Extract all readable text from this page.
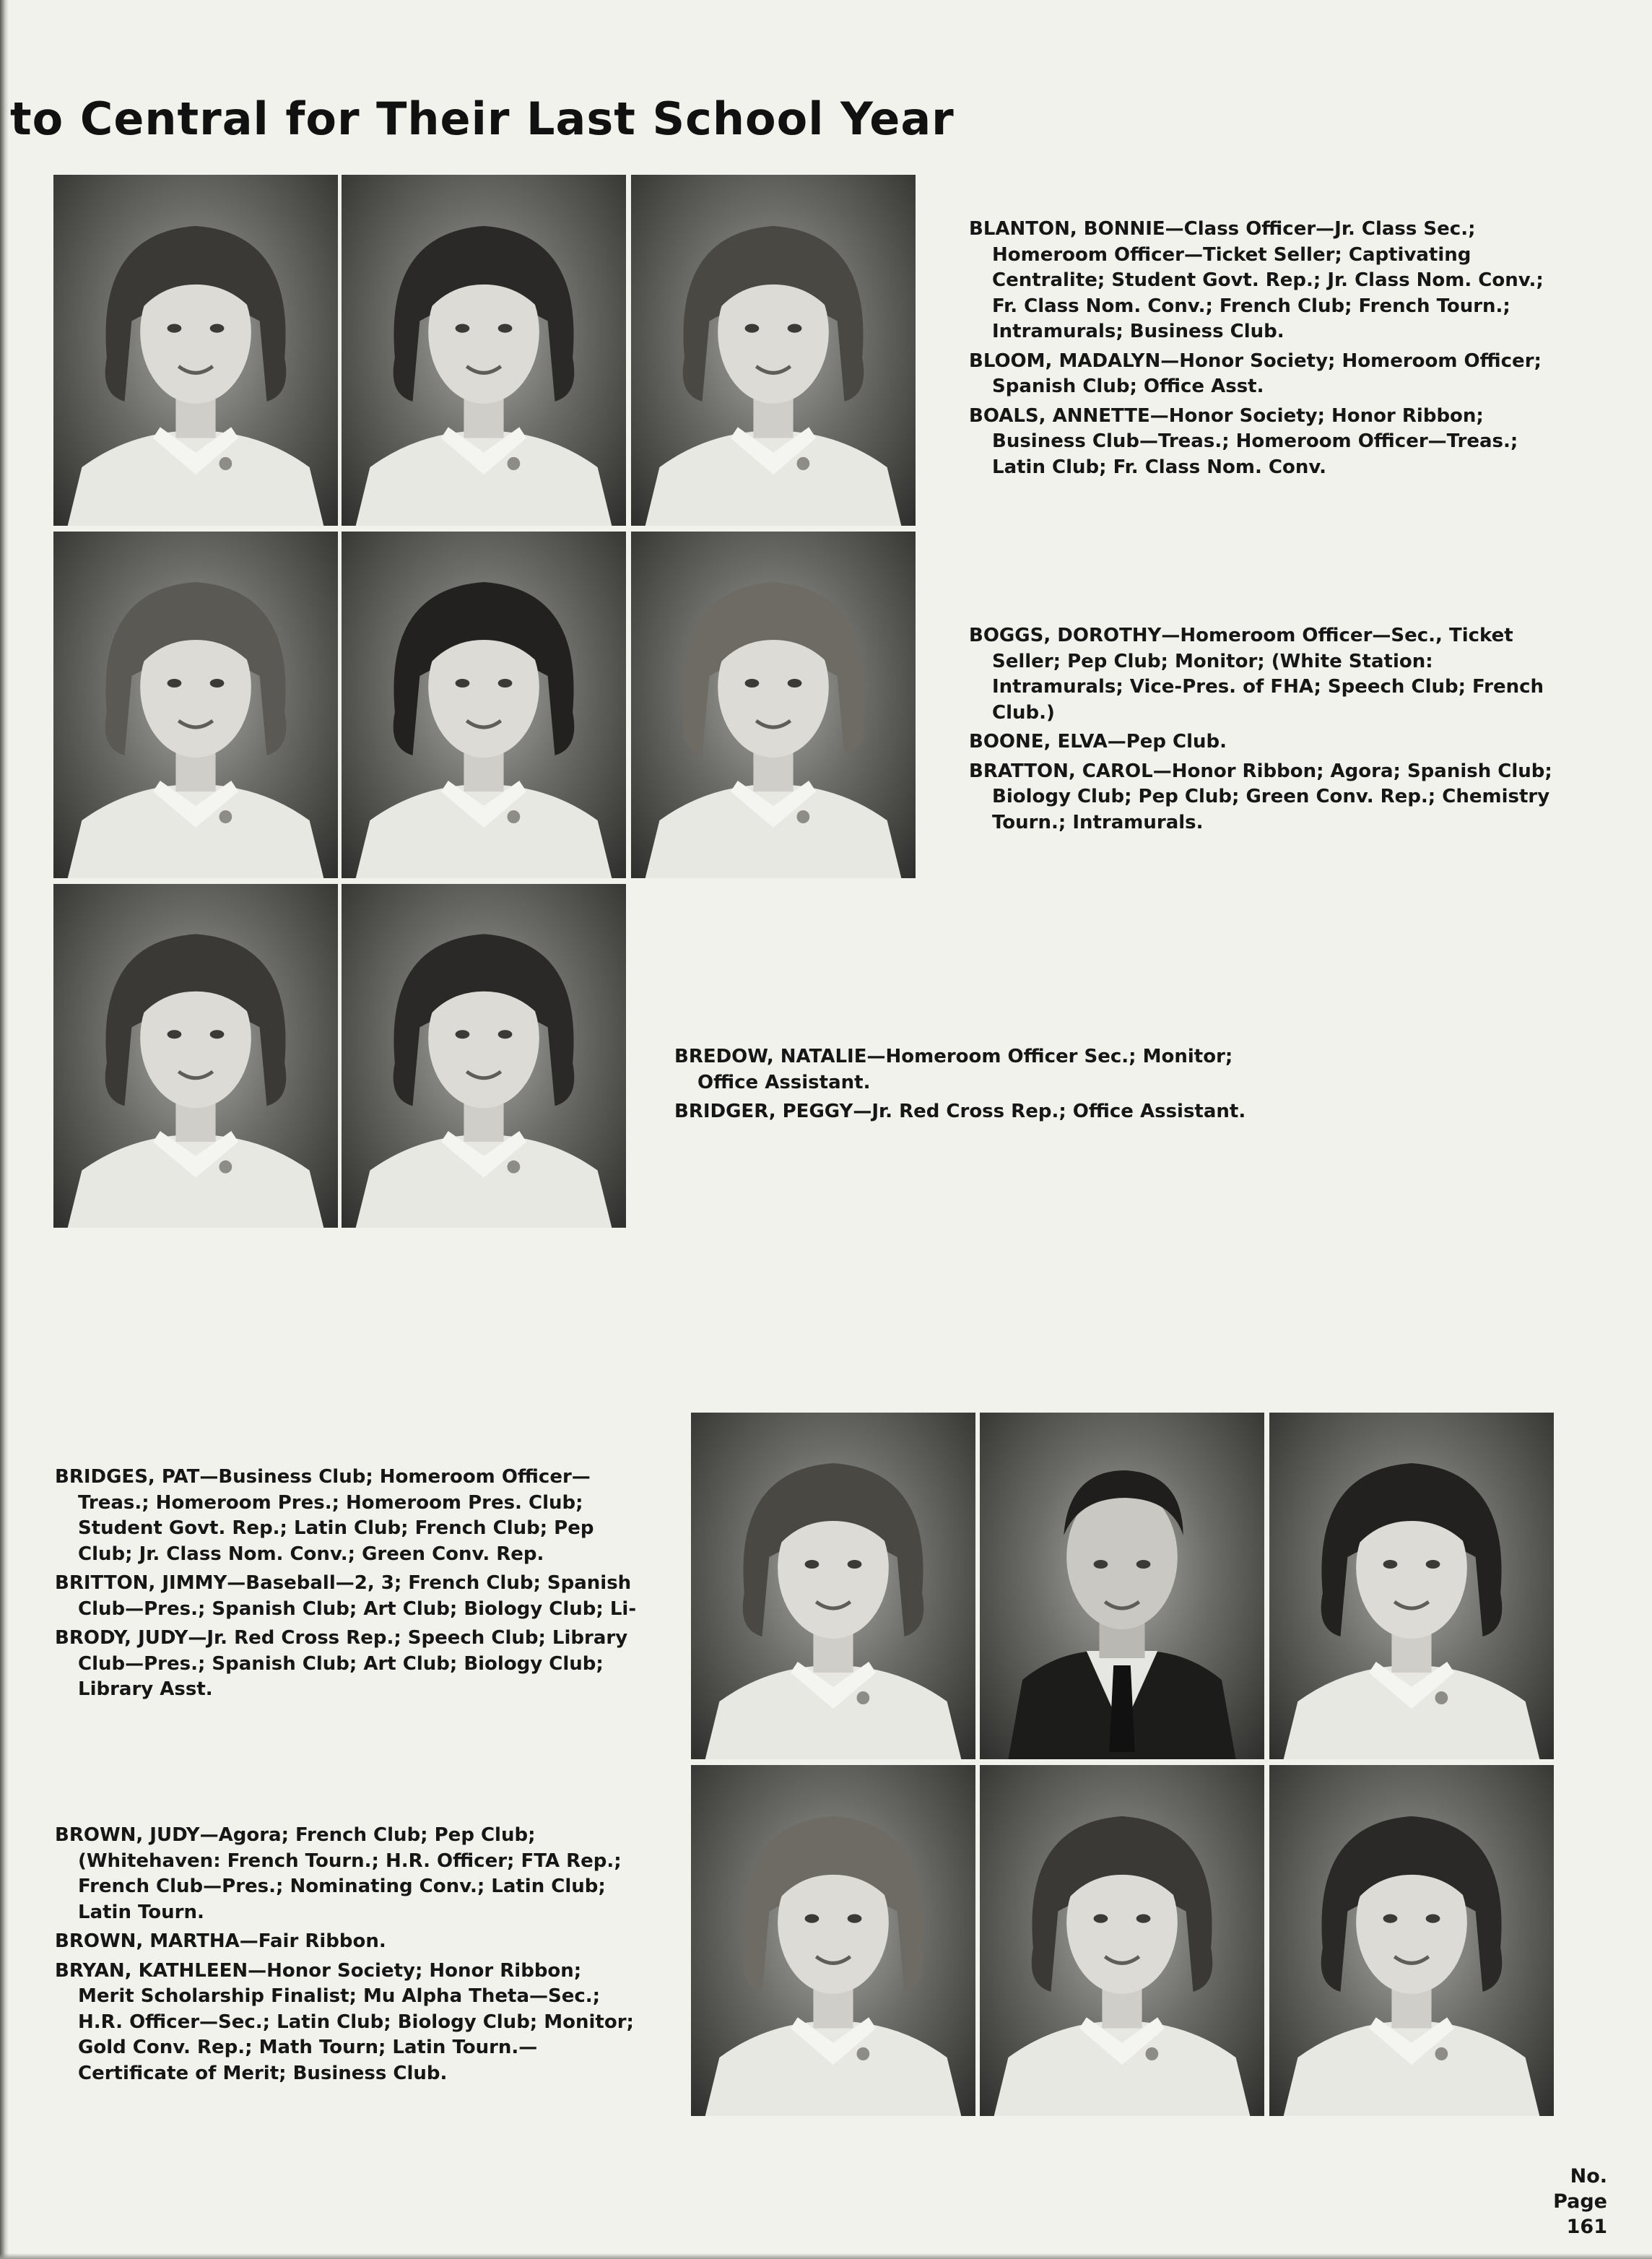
to Central for Their Last School Year

BLANTON, BONNIE—Class Officer—Jr. Class Sec.; Homeroom Officer—Ticket Seller; Captivating Centralite; Student Govt. Rep.; Jr. Class Nom. Conv.; Fr. Class Nom. Conv.; French Club; French Tourn.; Intramurals; Business Club.

BLOOM, MADALYN—Honor Society; Homeroom Officer; Spanish Club; Office Asst.

BOALS, ANNETTE—Honor Society; Honor Ribbon; Business Club—Treas.; Homeroom Officer—Treas.; Latin Club; Fr. Class Nom. Conv.

BOGGS, DOROTHY—Homeroom Officer—Sec., Ticket Seller; Pep Club; Monitor; (White Station: Intramurals; Vice-Pres. of FHA; Speech Club; French Club.)

BOONE, ELVA—Pep Club.

BRATTON, CAROL—Honor Ribbon; Agora; Spanish Club; Biology Club; Pep Club; Green Conv. Rep.; Chemistry Tourn.; Intramurals.

BREDOW, NATALIE—Homeroom Officer Sec.; Monitor; Office Assistant.

BRIDGER, PEGGY—Jr. Red Cross Rep.; Office Assistant.

BRIDGES, PAT—Business Club; Homeroom Officer—Treas.; Homeroom Pres.; Homeroom Pres. Club; Student Govt. Rep.; Latin Club; French Club; Pep Club; Jr. Class Nom. Conv.; Green Conv. Rep.

BRITTON, JIMMY—Baseball—2, 3; French Club; Spanish Club—Pres.; Spanish Club; Art Club; Biology Club; Li-

BRODY, JUDY—Jr. Red Cross Rep.; Speech Club; Library Club—Pres.; Spanish Club; Art Club; Biology Club; Library Asst.

BROWN, JUDY—Agora; French Club; Pep Club; (Whitehaven: French Tourn.; H.R. Officer; FTA Rep.; French Club—Pres.; Nominating Conv.; Latin Club; Latin Tourn.

BROWN, MARTHA—Fair Ribbon.

BRYAN, KATHLEEN—Honor Society; Honor Ribbon; Merit Scholarship Finalist; Mu Alpha Theta—Sec.; H.R. Officer—Sec.; Latin Club; Biology Club; Monitor; Gold Conv. Rep.; Math Tourn; Latin Tourn.—Certificate of Merit; Business Club.

No.
Page
161
